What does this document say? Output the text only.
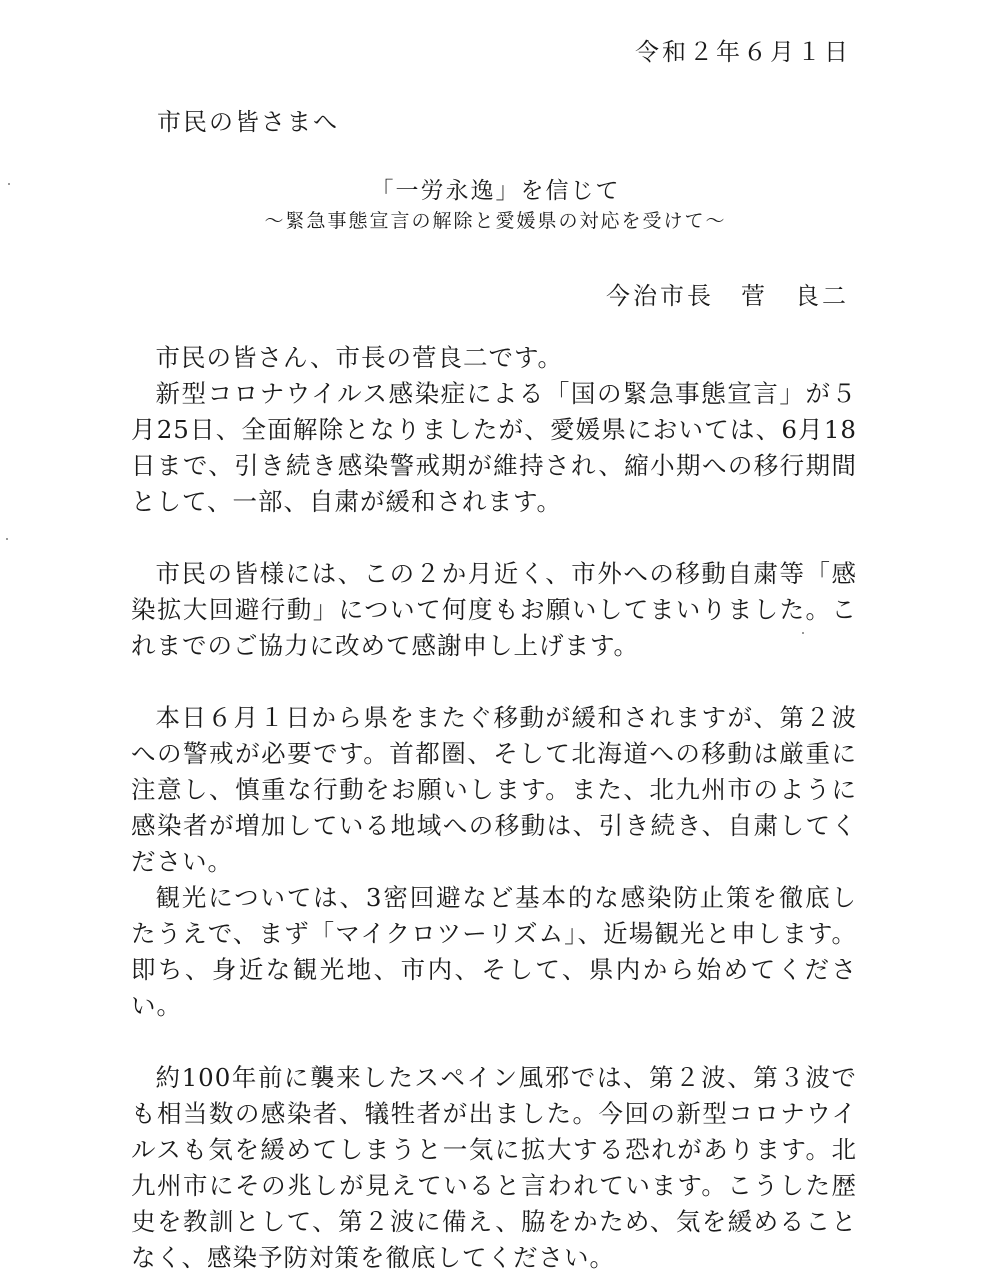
令和２年６月１日
市民の皆さまへ
「一労永逸」を信じて
～緊急事態宣言の解除と愛媛県の対応を受けて～
今治市長　菅　良二

市民の皆さん、市長の菅良二です。

新型コロナウイルス感染症による「国の緊急事態宣言」が５月25日、全面解除となりましたが、愛媛県においては、6月18日まで、引き続き感染警戒期が維持され、縮小期への移行期間として、一部、自粛が緩和されます。

市民の皆様には、この２か月近く、市外への移動自粛等「感染拡大回避行動」について何度もお願いしてまいりました。これまでのご協力に改めて感謝申し上げます。

本日６月１日から県をまたぐ移動が緩和されますが、第２波への警戒が必要です。首都圏、そして北海道への移動は厳重に注意し、慎重な行動をお願いします。また、北九州市のように感染者が増加している地域への移動は、引き続き、自粛してください。

観光については、3密回避など基本的な感染防止策を徹底したうえで、まず「マイクロツーリズム」、近場観光と申します。即ち、身近な観光地、市内、そして、県内から始めてください。

約100年前に襲来したスペイン風邪では、第２波、第３波でも相当数の感染者、犠牲者が出ました。今回の新型コロナウイルスも気を緩めてしまうと一気に拡大する恐れがあります。北九州市にその兆しが見えていると言われています。こうした歴史を教訓として、第２波に備え、脇をかため、気を緩めることなく、感染予防対策を徹底してください。
